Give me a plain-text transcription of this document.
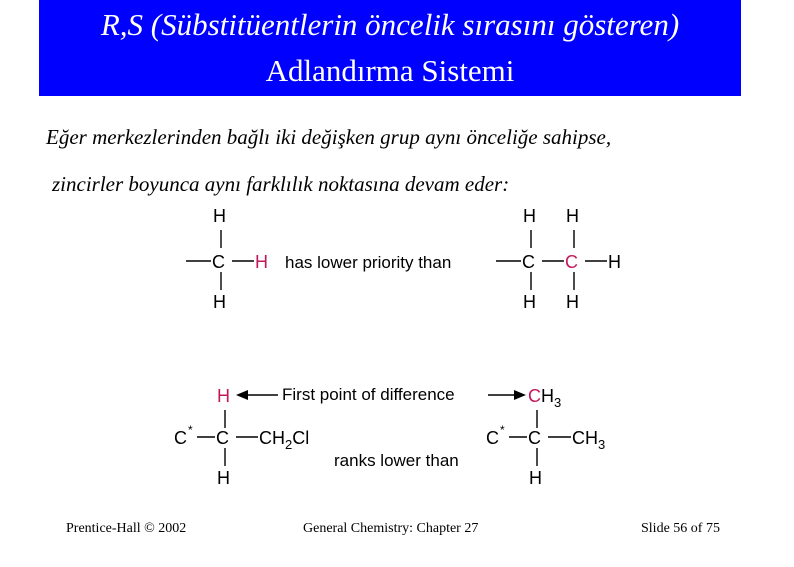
R,S (Sübstitüentlerin öncelik sırasını gösteren)
Adlandırma Sistemi
Eğer merkezlerinden bağlı iki değişken grup aynı önceliğe sahipse,
zincirler boyunca aynı farklılık noktasına devam eder:
H
C H
H
has lower priority than
H H
C C H
H H
H
C * C $CH_2Cl$
H
First point of difference	$CH_3$
C * C $CH_3$
H
ranks lower than
Prentice-Hall © 2002	General Chemistry: Chapter 27	Slide 56 of 75
